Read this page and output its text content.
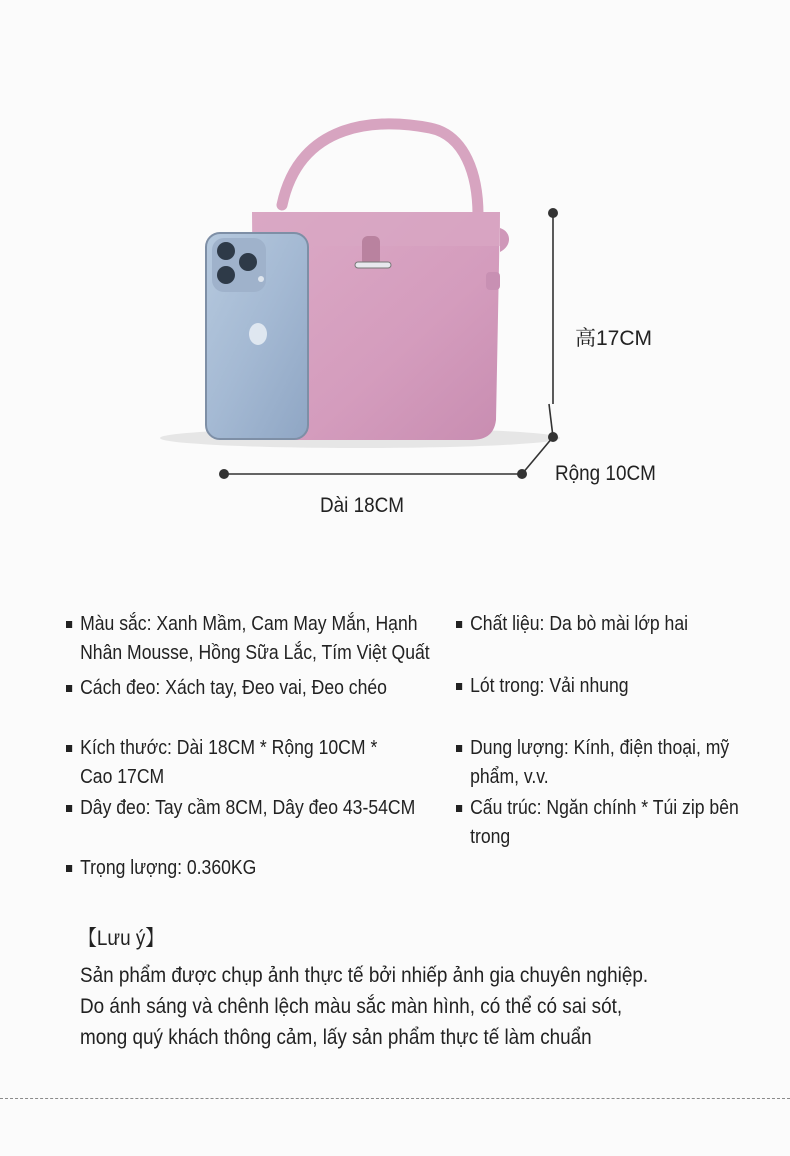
高17CM
Rộng 10CM
Dài 18CM
Màu sắc: Xanh Mầm, Cam May Mắn, Hạnh Nhân Mousse, Hồng Sữa Lắc, Tím Việt Quất
Chất liệu: Da bò mài lớp hai
Cách đeo: Xách tay, Đeo vai, Đeo chéo	Lót trong: Vải nhung
Kích thước: Dài 18CM * Rộng 10CM * Cao 17CM
Dung lượng: Kính, điện thoại, mỹ phẩm, v.v.
Dây đeo: Tay cầm 8CM, Dây đeo 43-54CM	Cấu trúc: Ngăn chính * Túi zip bên trong
Trọng lượng: 0.360KG
【Lưu ý】
Sản phẩm được chụp ảnh thực tế bởi nhiếp ảnh gia chuyên nghiệp.
Do ánh sáng và chênh lệch màu sắc màn hình, có thể có sai sót,
mong quý khách thông cảm, lấy sản phẩm thực tế làm chuẩn
